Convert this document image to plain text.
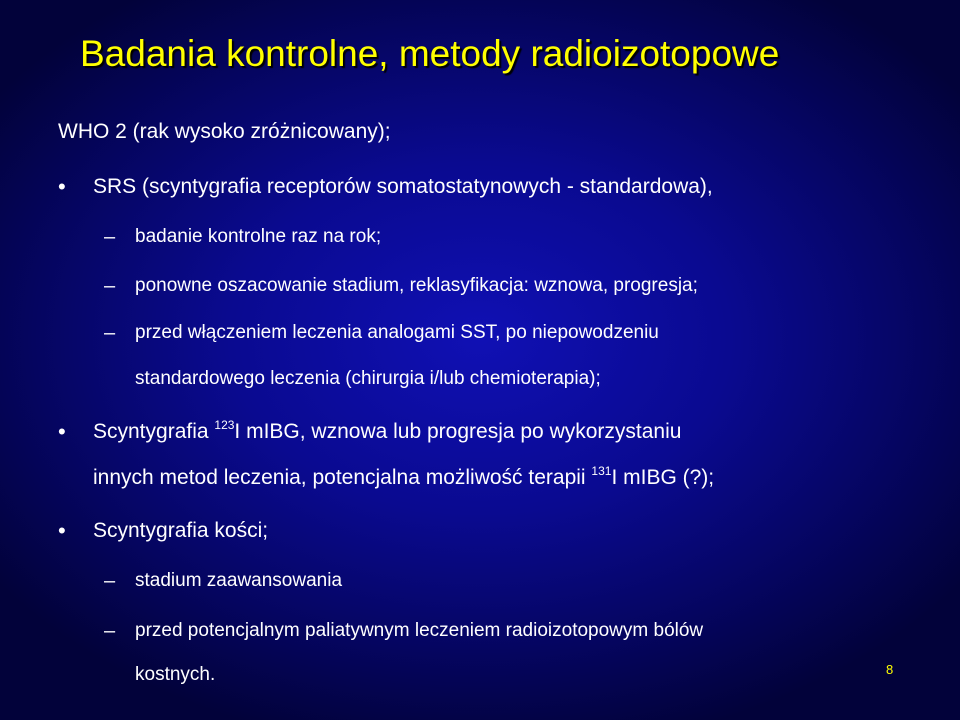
Badania kontrolne, metody radioizotopowe

WHO 2 (rak wysoko zróżnicowany);

• SRS (scyntygrafia receptorów somatostatynowych - standardowa),

– badanie kontrolne raz na rok;

– ponowne oszacowanie stadium, reklasyfikacja: wznowa, progresja;

– przed włączeniem leczenia analogami SST, po niepowodzeniu

standardowego leczenia (chirurgia i/lub chemioterapia);

• Scyntygrafia $^{123}$I mIBG, wznowa lub progresja po wykorzystaniu

innych metod leczenia, potencjalna możliwość terapii $^{131}$I mIBG (?);

• Scyntygrafia kości;

– stadium zaawansowania

– przed potencjalnym paliatywnym leczeniem radioizotopowym bólów

kostnych.	8
